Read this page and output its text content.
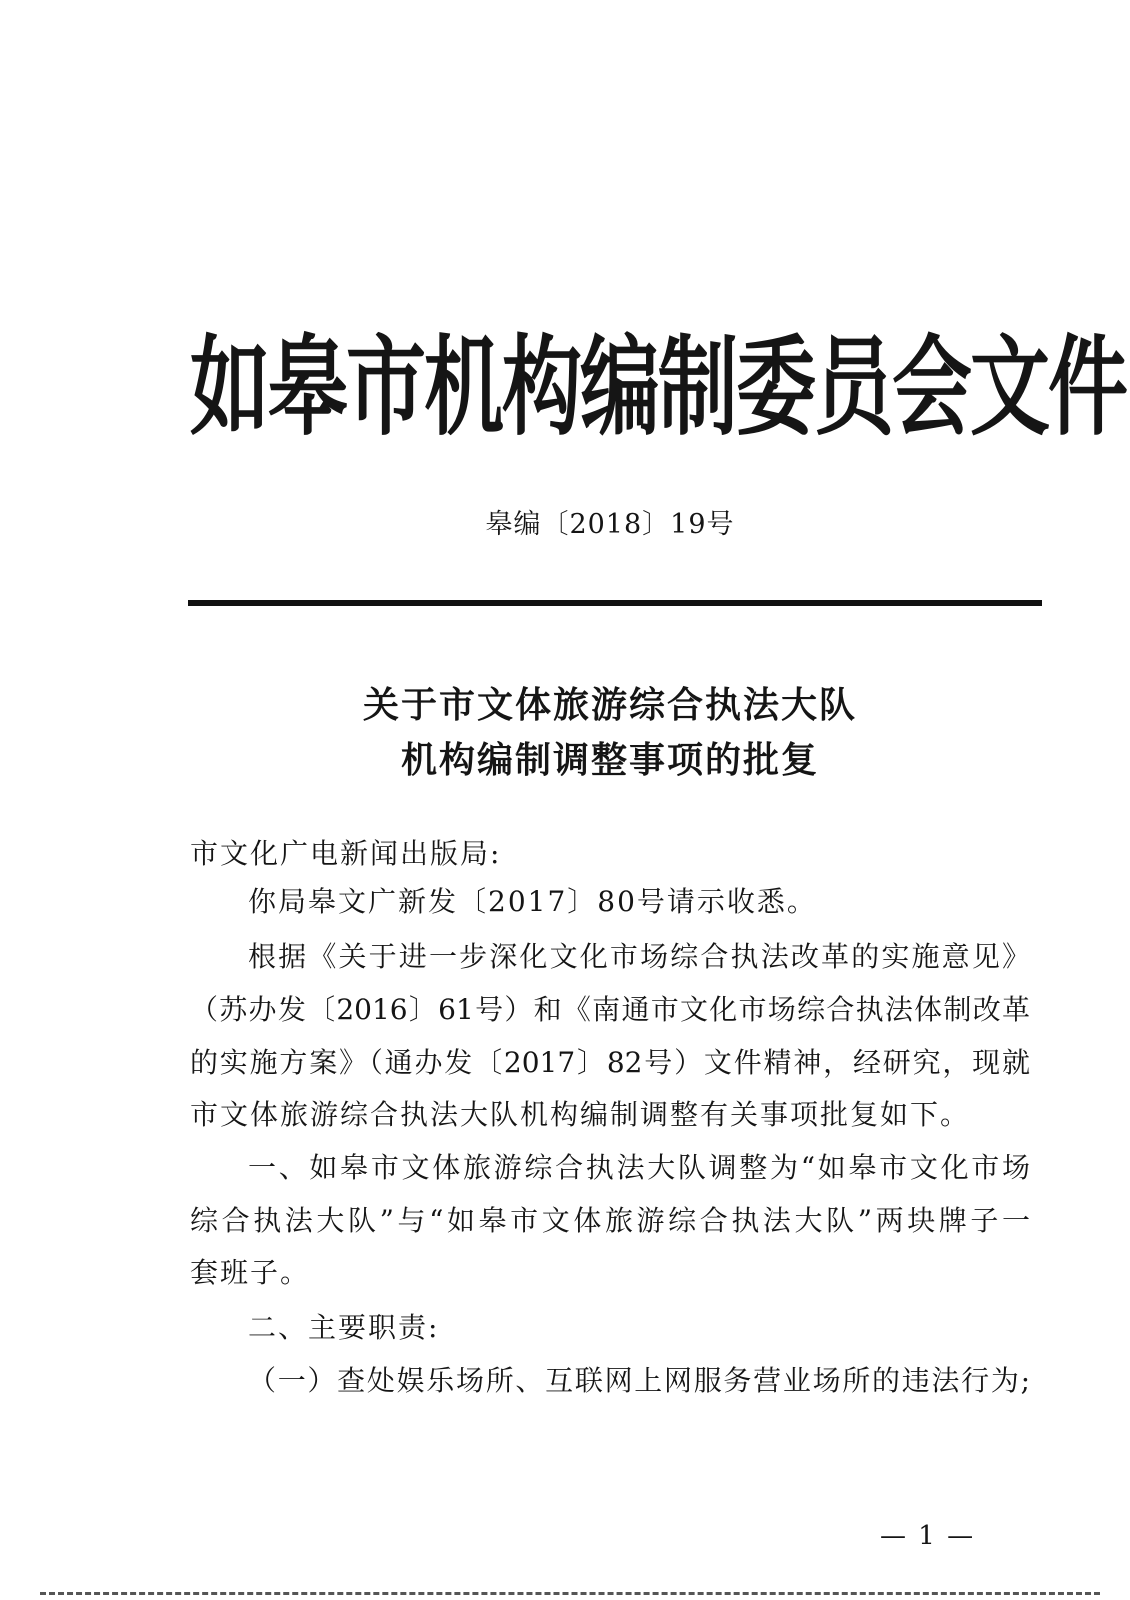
如皋市机构编制委员会文件
皋编〔2018〕19号
关于市文体旅游综合执法大队
机构编制调整事项的批复
市文化广电新闻出版局:
你局皋文广新发〔2017〕80号请示收悉。
根据《关于进一步深化文化市场综合执法改革的实施意见》
（苏办发〔2016〕61号）和《南通市文化市场综合执法体制改革
的实施方案》（通办发〔2017〕82号）文件精神，经研究，现就
市文体旅游综合执法大队机构编制调整有关事项批复如下。
一、如皋市文体旅游综合执法大队调整为“如皋市文化市场
综合执法大队”与“如皋市文体旅游综合执法大队”两块牌子一
套班子。
二、主要职责:
（一）查处娱乐场所、互联网上网服务营业场所的违法行为;
— 1 —
